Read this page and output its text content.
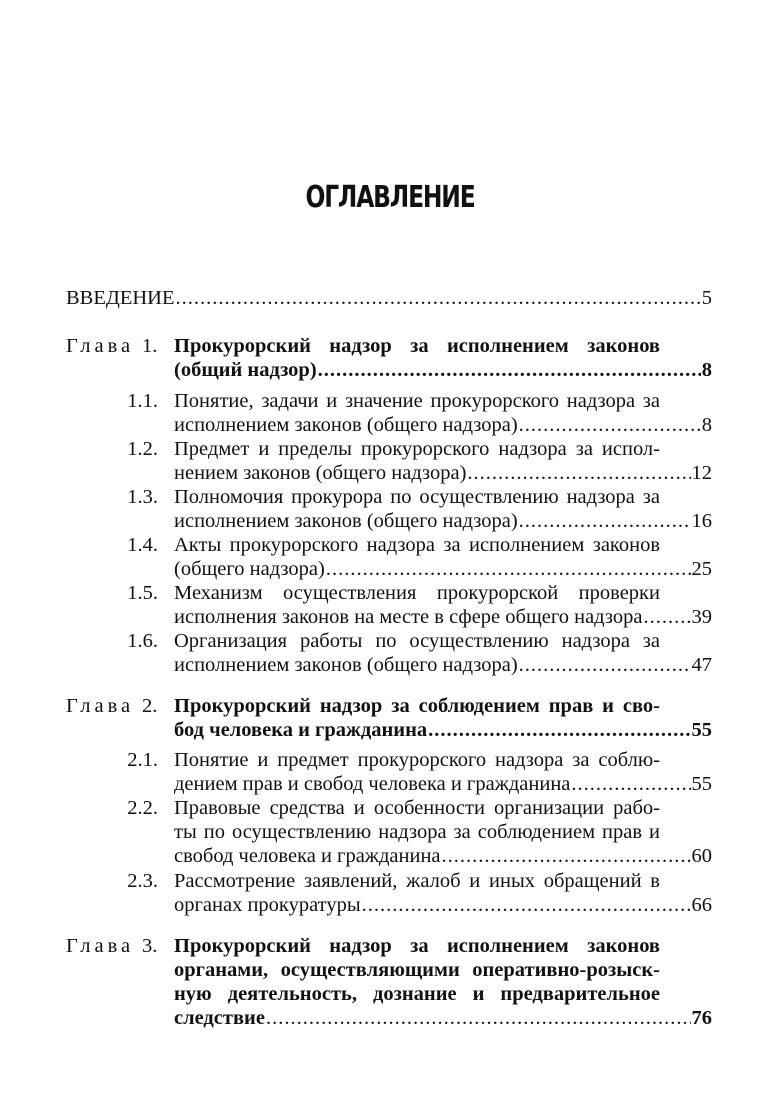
ОГЛАВЛЕНИЕ
ВВЕДЕНИЕ .....	5
Глава 1. Прокурорский надзор за исполнением законов
(общий надзор) .....	8
1.1. Понятие, задачи и значение прокурорского надзора за
исполнением законов (общего надзора) .....	8
1.2. Предмет и пределы прокурорского надзора за испол-
нением законов (общего надзора) .....	12
1.3. Полномочия прокурора по осуществлению надзора за
исполнением законов (общего надзора) .....	16
1.4. Акты прокурорского надзора за исполнением законов
(общего надзора) .....	25
1.5. Механизм осуществления прокурорской проверки
исполнения законов на месте в сфере общего надзора ..... 39
1.6. Организация работы по осуществлению надзора за
исполнением законов (общего надзора) .....	47
Глава 2. Прокурорский надзор за соблюдением прав и сво-
бод человека и гражданина .....	55
2.1. Понятие и предмет прокурорского надзора за соблю-
дением прав и свобод человека и гражданина .....	55
2.2. Правовые средства и особенности организации рабо-
ты по осуществлению надзора за соблюдением прав и
свобод человека и гражданина .....	60
2.3. Рассмотрение заявлений, жалоб и иных обращений в
органах прокуратуры .....	66
Глава 3. Прокурорский надзор за исполнением законов
органами, осуществляющими оперативно-розыск-
ную деятельность, дознание и предварительное
следствие .....	76
